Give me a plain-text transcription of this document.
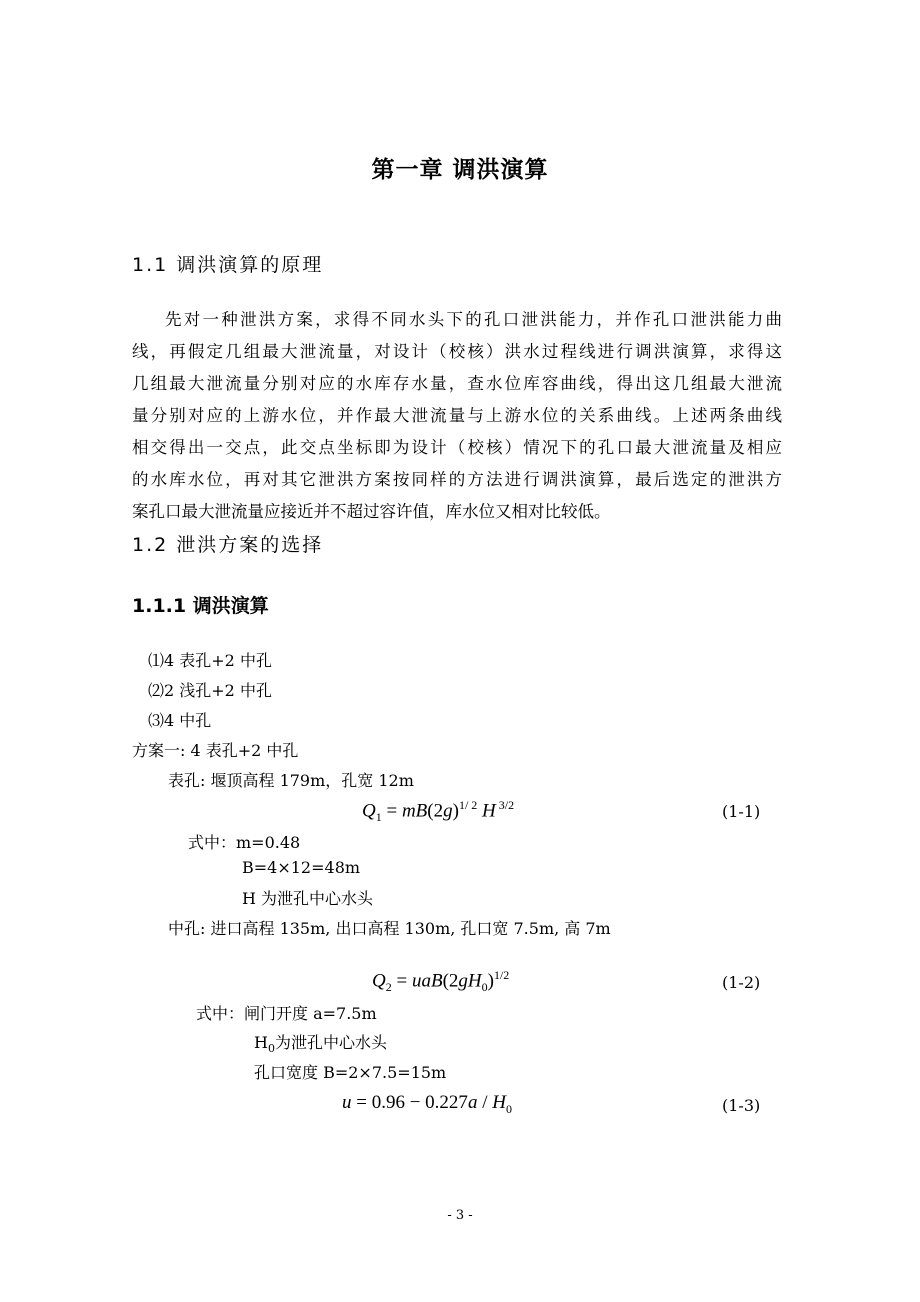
第一章 调洪演算
1.1 调洪演算的原理
先对一种泄洪方案，求得不同水头下的孔口泄洪能力，并作孔口泄洪能力曲
线，再假定几组最大泄流量，对设计（校核）洪水过程线进行调洪演算，求得这
几组最大泄流量分别对应的水库存水量，查水位库容曲线，得出这几组最大泄流
量分别对应的上游水位，并作最大泄流量与上游水位的关系曲线。上述两条曲线
相交得出一交点，此交点坐标即为设计（校核）情况下的孔口最大泄流量及相应
的水库水位，再对其它泄洪方案按同样的方法进行调洪演算，最后选定的泄洪方
案孔口最大泄流量应接近并不超过容许值，库水位又相对比较低。
1.2 泄洪方案的选择
1.1.1 调洪演算
⑴4 表孔+2 中孔
⑵2 浅孔+2 中孔
⑶4 中孔
方案一: 4 表孔+2 中孔
表孔: 堰顶高程 179m，孔宽 12m
$Q_1 = mB(2g)^{1/ 2}$ H $^{3/2}$	(1-1)
式中：m=0.48
B=4×12=48m
H 为泄孔中心水头
中孔: 进口高程 135m, 出口高程 130m, 孔口宽 7.5m, 高 7m
$Q_2 = uaB(2gH_0)^{1/2}$	(1-2)
式中：闸门开度 a=7.5m
$H_0$为泄孔中心水头
孔口宽度 B=2×7.5=15m
$u = 0.96 - 0.227a / H_0$	(1-3)
- 3 -
